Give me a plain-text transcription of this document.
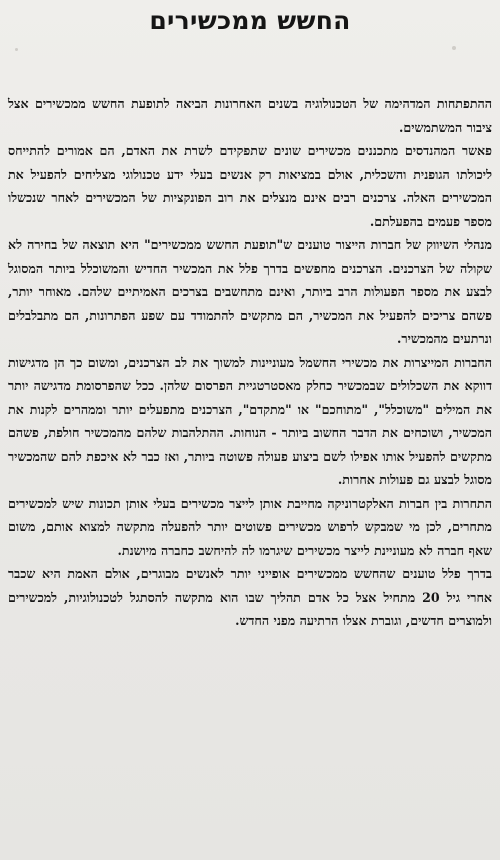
החשש ממכשירים

ההתפתחות המדהימה של הטכנולוגיה בשנים האחרונות הביאה לתופעת החשש ממכשירים אצל ציבור המשתמשים.

פאשר המהנדסים מתכננים מכשירים שונים שתפקידם לשרת את האדם, הם אמורים להתייחס ליכולתו הגופנית והשכלית, אולם במציאות רק אנשים בעלי ידע טכנולוגי מצליחים להפעיל את המכשירים האלה. צרכנים רבים אינם מנצלים את רוב הפונקציות של המכשירים לאחר שנכשלו מספר פעמים בהפעלתם.

מנהלי השיווק של חברות הייצור טוענים ש"תופעת החשש ממכשירים" היא תוצאה של בחירה לא שקולה של הצרכנים. הצרכנים מחפשים בדרך פלל את המכשיר החדיש והמשוכלל ביותר המסוגל לבצע את מספר הפעולות הרב ביותר, ואינם מתחשבים בצרכים האמיתיים שלהם. מאוחר יותר, פשהם צריכים להפעיל את המכשיר, הם מתקשים להתמודד עם שפע הפתרונות, הם מתבלבלים ונרתעים מהמכשיר.

החברות המייצרות את מכשירי החשמל מעוניינות למשוך את לב הצרכנים, ומשום כך הן מדגישות דווקא את השכלולים שבמכשיר כחלק מאסטרטגיית הפרסום שלהן. ככל שהפרסומת מדגישה יותר את המילים "משוכלל", "מתוחכם" או "מתקדם", הצרכנים מתפעלים יותר וממהרים לקנות את המכשיר, ושוכחים את הדבר החשוב ביותר - הנוחות. ההתלהבות שלהם מהמכשיר חולפת, פשהם מתקשים להפעיל אותו אפילו לשם ביצוע פעולה פשוטה ביותר, ואז כבר לא איכפת להם שהמכשיר מסוגל לבצע גם פעולות אחרות.

התחרות בין חברות האלקטרוניקה מחייבת אותן לייצר מכשירים בעלי אותן תכונות שיש למכשירים מתחרים, לכן מי שמבקש לרפוש מכשירים פשוטים יותר להפעלה מתקשה למצוא אותם, משום שאף חברה לא מעוניינת לייצר מכשירים שיגרמו לה להיחשב כחברה מיושנת.

בדרך פלל טוענים שהחשש ממכשירים אופייני יותר לאנשים מבוגרים, אולם האמת היא שכבר אחרי גיל 20 מתחיל אצל כל אדם תהליך שבו הוא מתקשה להסתגל לטכנולוגיות, למכשירים ולמוצרים חדשים, וגוברת אצלו הרתיעה מפני החדש.
